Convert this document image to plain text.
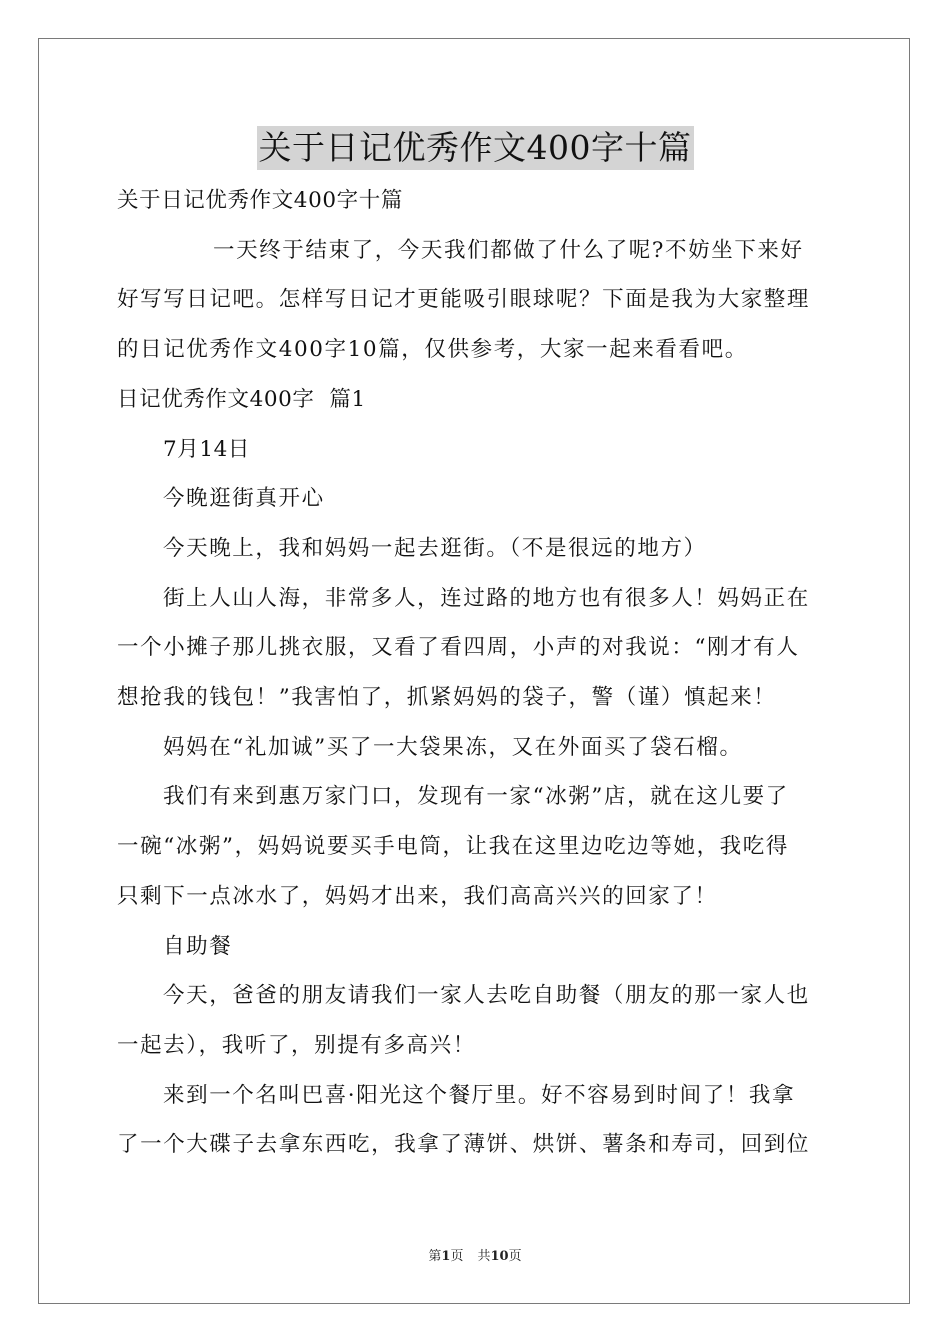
关于日记优秀作文400字十篇
关于日记优秀作文400字十篇
一天终于结束了，今天我们都做了什么了呢?不妨坐下来好
好写写日记吧。怎样写日记才更能吸引眼球呢？下面是我为大家整理
的日记优秀作文400字10篇，仅供参考，大家一起来看看吧。
日记优秀作文400字  篇1
7月14日
今晚逛街真开心
今天晚上，我和妈妈一起去逛街。（不是很远的地方）
街上人山人海，非常多人，连过路的地方也有很多人！妈妈正在
一个小摊子那儿挑衣服，又看了看四周，小声的对我说：“刚才有人
想抢我的钱包！”我害怕了，抓紧妈妈的袋子，警（谨）慎起来！
妈妈在“礼加诚”买了一大袋果冻，又在外面买了袋石榴。
我们有来到惠万家门口，发现有一家“冰粥”店，就在这儿要了
一碗“冰粥”，妈妈说要买手电筒，让我在这里边吃边等她，我吃得
只剩下一点冰水了，妈妈才出来，我们高高兴兴的回家了！
自助餐
今天，爸爸的朋友请我们一家人去吃自助餐（朋友的那一家人也
一起去），我听了，别提有多高兴！
来到一个名叫巴喜·阳光这个餐厅里。好不容易到时间了！我拿
了一个大碟子去拿东西吃，我拿了薄饼、烘饼、薯条和寿司，回到位
第1页 共10页
